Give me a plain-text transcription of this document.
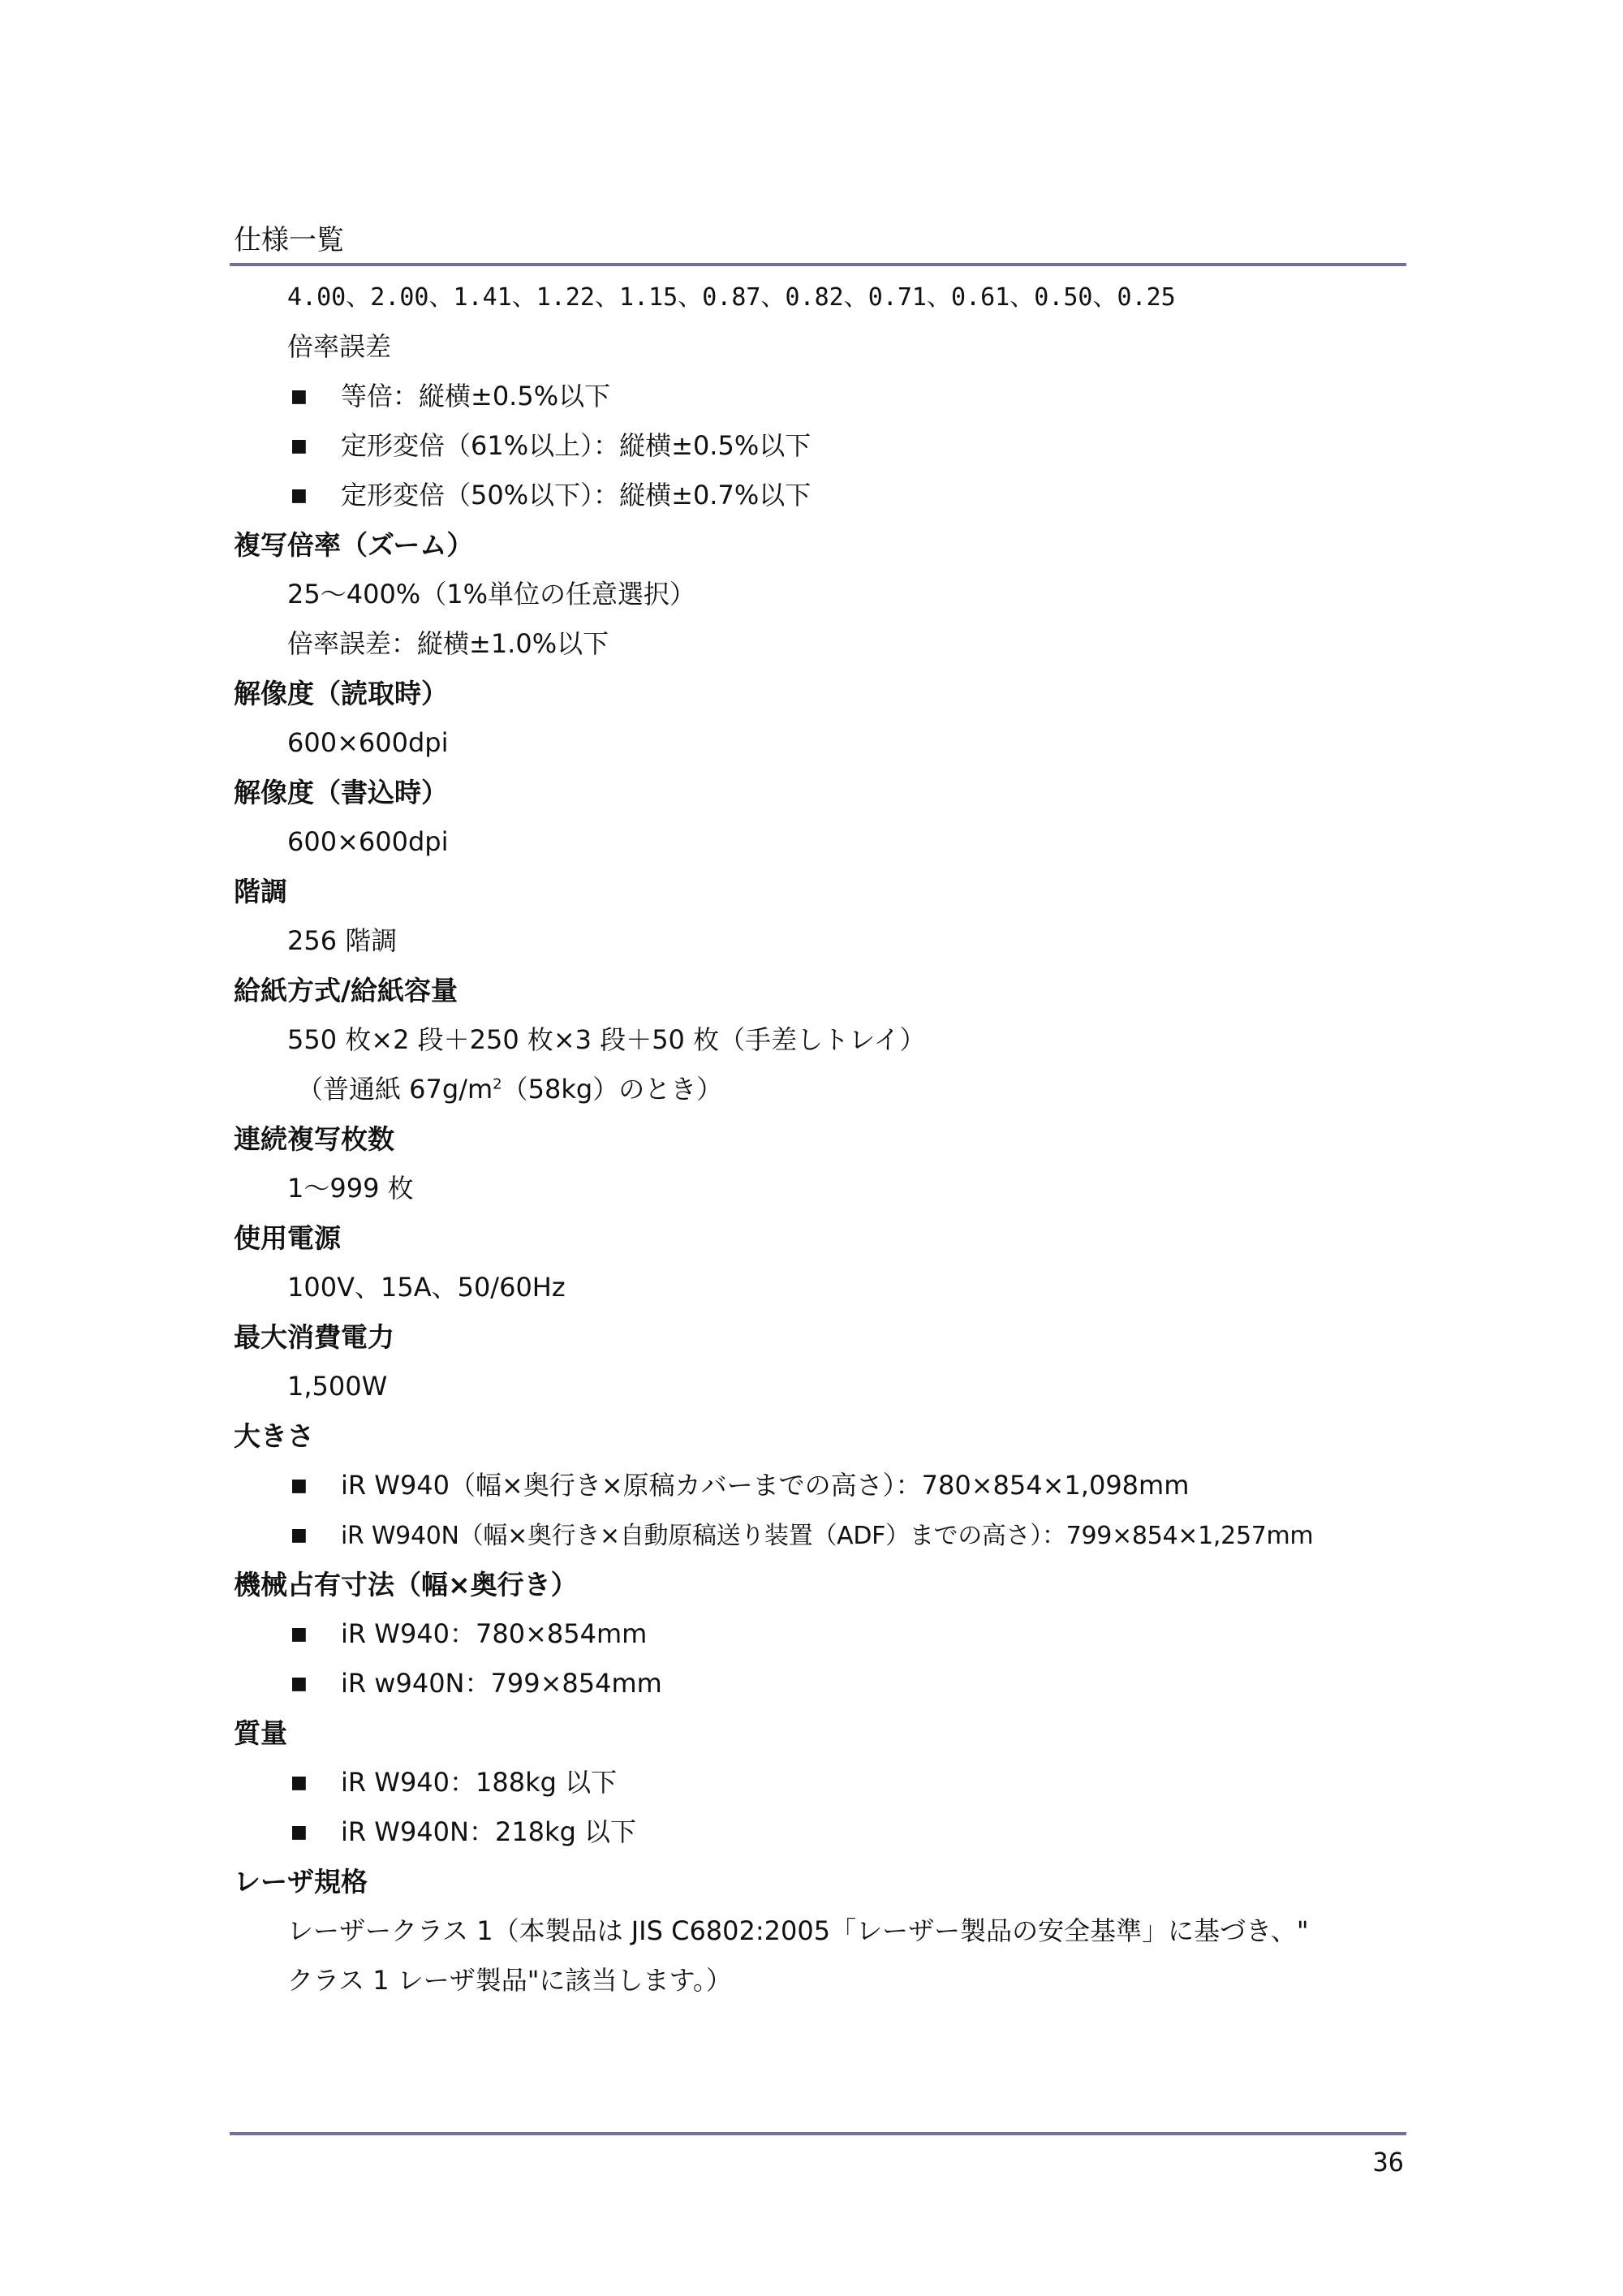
仕様一覧
4.00、2.00、1.41、1.22、1.15、0.87、0.82、0.71、0.61、0.50、0.25
倍率誤差
■ 等倍：縦横±0.5%以下
■ 定形変倍（61%以上）：縦横±0.5%以下
■ 定形変倍（50%以下）：縦横±0.7%以下
複写倍率（ズーム）
25～400%（1%単位の任意選択）
倍率誤差：縦横±1.0%以下
解像度（読取時）
600×600dpi
解像度（書込時）
600×600dpi
階調
256 階調
給紙方式/給紙容量
550 枚×2 段＋250 枚×3 段＋50 枚（手差しトレイ）
（普通紙 $67g/m^2(58kg)$のとき）
連続複写枚数
1～999 枚
使用電源
100V、15A、50/60Hz
最大消費電力
1,500W
大きさ
■ iR W940（幅×奥行き×原稿カバーまでの高さ）：780×854×1,098mm
■ iR W940N（幅×奥行き×自動原稿送り装置（ADF）までの高さ）：799×854×1,257mm
機械占有寸法（幅×奥行き）
■ iR W940：780×854mm
■ iR w940N：799×854mm
質量
■ iR W940：188kg 以下
■ iR W940N：218kg 以下
レーザ規格
レーザークラス 1（本製品は JIS C6802:2005「レーザー製品の安全基準」に基づき、"
クラス 1 レーザ製品"に該当します。）
36
